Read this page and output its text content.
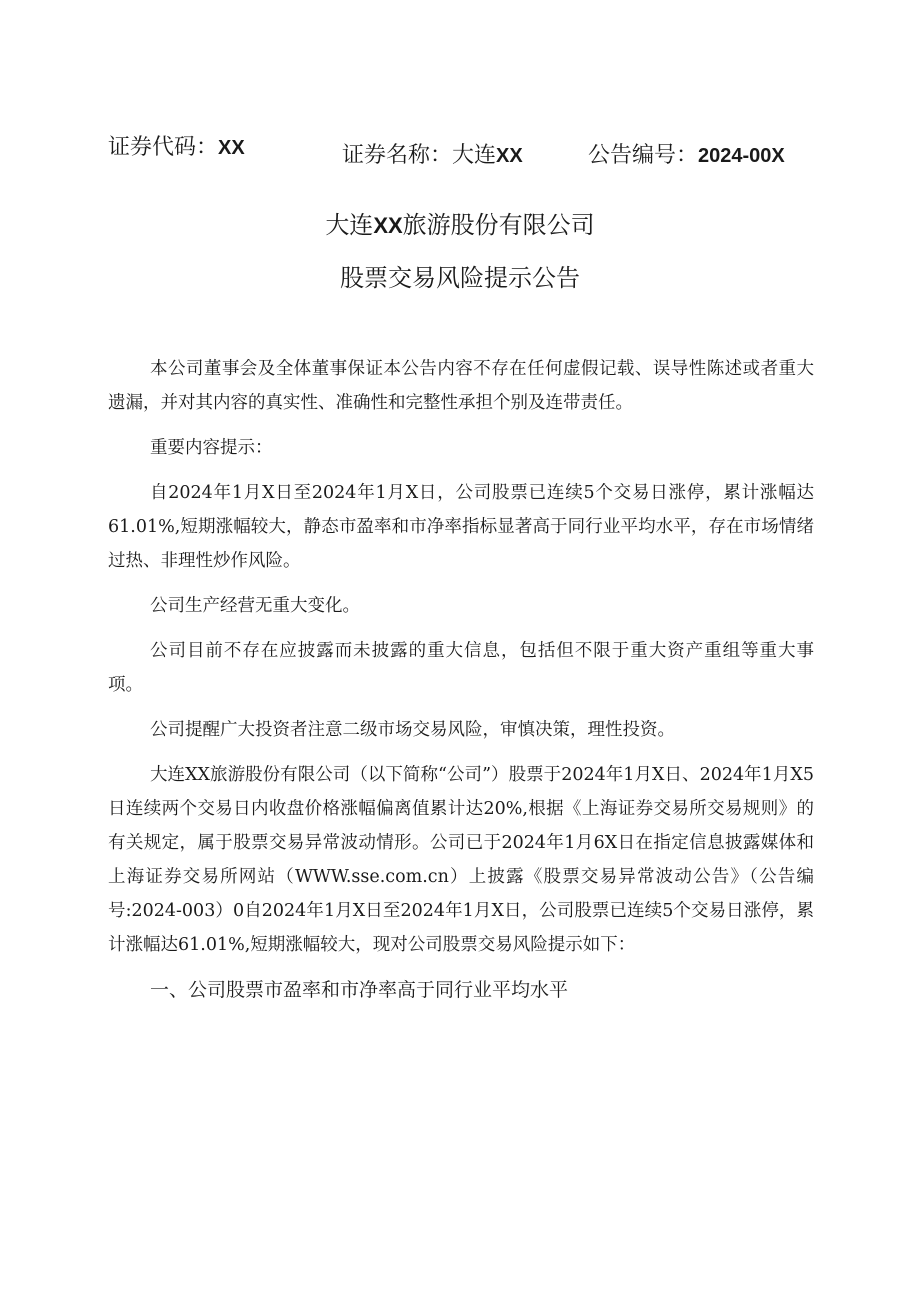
证券代码：XX	证券名称：大连XX	公告编号：2024-00X
大连XX旅游股份有限公司
股票交易风险提示公告

本公司董事会及全体董事保证本公告内容不存在任何虚假记载、误导性陈述或者重大遗漏，并对其内容的真实性、准确性和完整性承担个别及连带责任。

重要内容提示：

自2024年1月X日至2024年1月X日，公司股票已连续5个交易日涨停，累计涨幅达61.01%,短期涨幅较大，静态市盈率和市净率指标显著高于同行业平均水平，存在市场情绪过热、非理性炒作风险。

公司生产经营无重大变化。

公司目前不存在应披露而未披露的重大信息，包括但不限于重大资产重组等重大事项。

公司提醒广大投资者注意二级市场交易风险，审慎决策，理性投资。

大连XX旅游股份有限公司（以下简称“公司”）股票于2024年1月X日、2024年1月X5日连续两个交易日内收盘价格涨幅偏离值累计达20%,根据《上海证券交易所交易规则》的有关规定，属于股票交易异常波动情形。公司已于2024年1月6X日在指定信息披露媒体和上海证券交易所网站（WWW.sse.com.cn）上披露《股票交易异常波动公告》（公告编号:2024-003）0自2024年1月X日至2024年1月X日，公司股票已连续5个交易日涨停，累计涨幅达61.01%,短期涨幅较大，现对公司股票交易风险提示如下：

一、公司股票市盈率和市净率高于同行业平均水平
